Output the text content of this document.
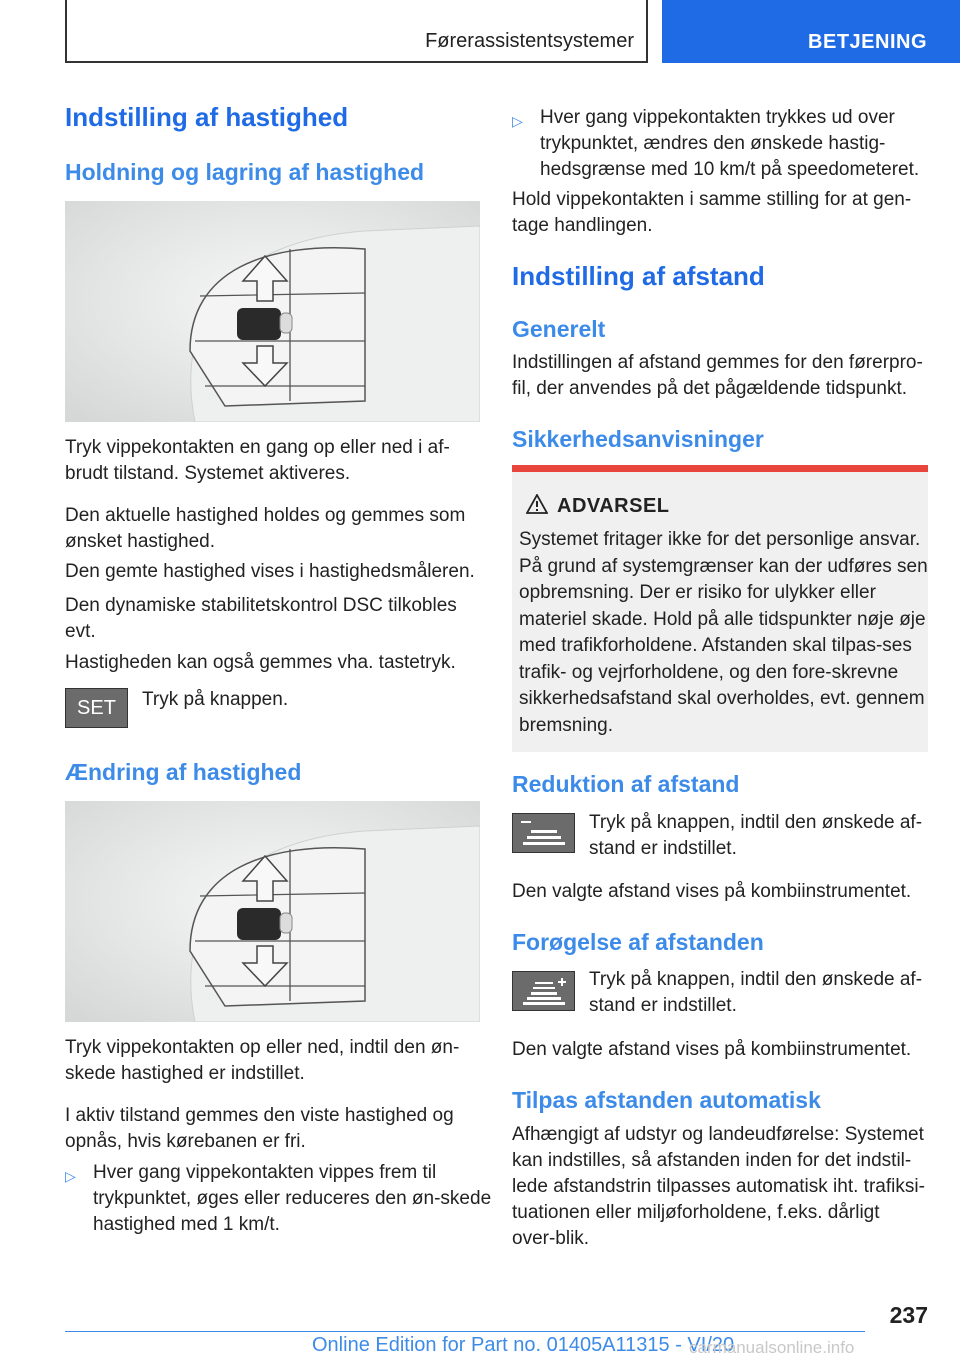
Førerassistentsystemer	BETJENING
Indstilling af hastighed
Holdning og lagring af hastighed
Tryk vippekontakten en gang op eller ned i af-brudt tilstand. Systemet aktiveres.
Den aktuelle hastighed holdes og gemmes som ønsket hastighed.
Den gemte hastighed vises i hastighedsmåleren.
Den dynamiske stabilitetskontrol DSC tilkobles evt.
Hastigheden kan også gemmes vha. tastetryk.
SET	Tryk på knappen.
Ændring af hastighed
Tryk vippekontakten op eller ned, indtil den øn-skede hastighed er indstillet.
I aktiv tilstand gemmes den viste hastighed og opnås, hvis kørebanen er fri.
▷ Hver gang vippekontakten vippes frem til trykpunktet, øges eller reduceres den øn-skede hastighed med 1 km/t.
▷ Hver gang vippekontakten trykkes ud over trykpunktet, ændres den ønskede hastig-hedsgrænse med 10 km/t på speedometeret.
Hold vippekontakten i samme stilling for at gen-tage handlingen.
Indstilling af afstand
Generelt
Indstillingen af afstand gemmes for den førerpro-fil, der anvendes på det pågældende tidspunkt.
Sikkerhedsanvisninger
ADVARSEL
Systemet fritager ikke for det personlige ansvar. På grund af systemgrænser kan der udføres sen opbremsning. Der er risiko for ulykker eller materiel skade. Hold på alle tidspunkter nøje øje med trafikforholdene. Afstanden skal tilpas-ses trafik- og vejrforholdene, og den fore-skrevne sikkerhedsafstand skal overholdes, evt. gennem bremsning.
Reduktion af afstand
Tryk på knappen, indtil den ønskede af-stand er indstillet.
Den valgte afstand vises på kombiinstrumentet.
Forøgelse af afstanden
Tryk på knappen, indtil den ønskede af-stand er indstillet.
Den valgte afstand vises på kombiinstrumentet.
Tilpas afstanden automatisk
Afhængigt af udstyr og landeudførelse: Systemet kan indstilles, så afstanden inden for det indstil-lede afstandstrin tilpasses automatisk iht. trafiksi-tuationen eller miljøforholdene, f.eks. dårligt over-blik.
237
Online Edition for Part no. 01405A11315 - VI/20
carmanualsonline.info
